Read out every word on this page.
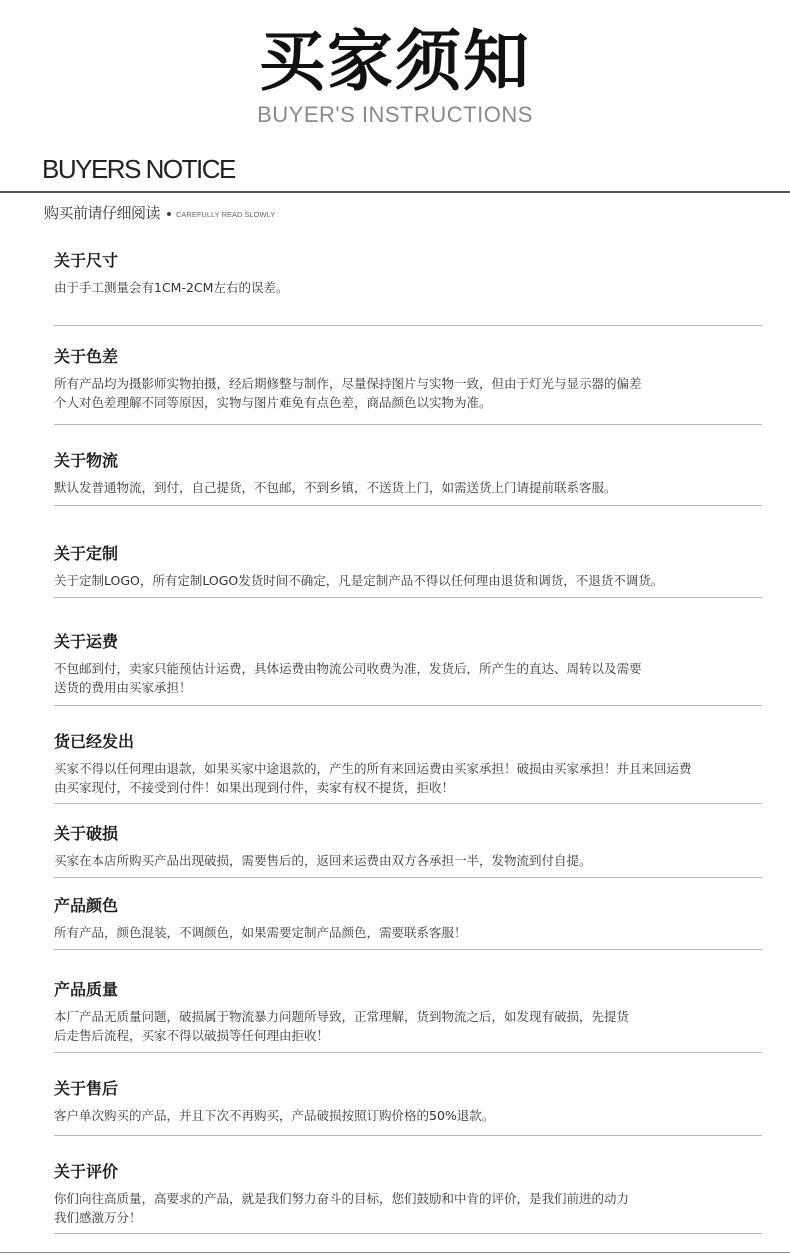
买家须知
BUYER'S INSTRUCTIONS
BUYERS NOTICE
购买前请仔细阅读 CAREFULLY READ SLOWLY
关于尺寸
由于手工测量会有1CM-2CM左右的误差。
关于色差
所有产品均为摄影师实物拍摄，经后期修整与制作，尽量保持图片与实物一致，但由于灯光与显示器的偏差
个人对色差理解不同等原因，实物与图片难免有点色差，商品颜色以实物为准。
关于物流
默认发普通物流，到付，自己提货，不包邮，不到乡镇，不送货上门，如需送货上门请提前联系客服。
关于定制
关于定制LOGO，所有定制LOGO发货时间不确定，凡是定制产品不得以任何理由退货和调货，不退货不调货。
关于运费
不包邮到付，卖家只能预估计运费，具体运费由物流公司收费为准，发货后，所产生的直达、周转以及需要
送货的费用由买家承担！
货已经发出
买家不得以任何理由退款，如果买家中途退款的，产生的所有来回运费由买家承担！破损由买家承担！并且来回运费
由买家现付，不接受到付件！如果出现到付件，卖家有权不提货，拒收！
关于破损
买家在本店所购买产品出现破损，需要售后的，返回来运费由双方各承担一半，发物流到付自提。
产品颜色
所有产品，颜色混装，不调颜色，如果需要定制产品颜色，需要联系客服！
产品质量
本厂产品无质量问题，破损属于物流暴力问题所导致，正常理解，货到物流之后，如发现有破损，先提货
后走售后流程，买家不得以破损等任何理由拒收！
关于售后
客户单次购买的产品，并且下次不再购买，产品破损按照订购价格的50%退款。
关于评价
你们向往高质量，高要求的产品，就是我们努力奋斗的目标，您们鼓励和中肯的评价，是我们前进的动力
我们感激万分！
